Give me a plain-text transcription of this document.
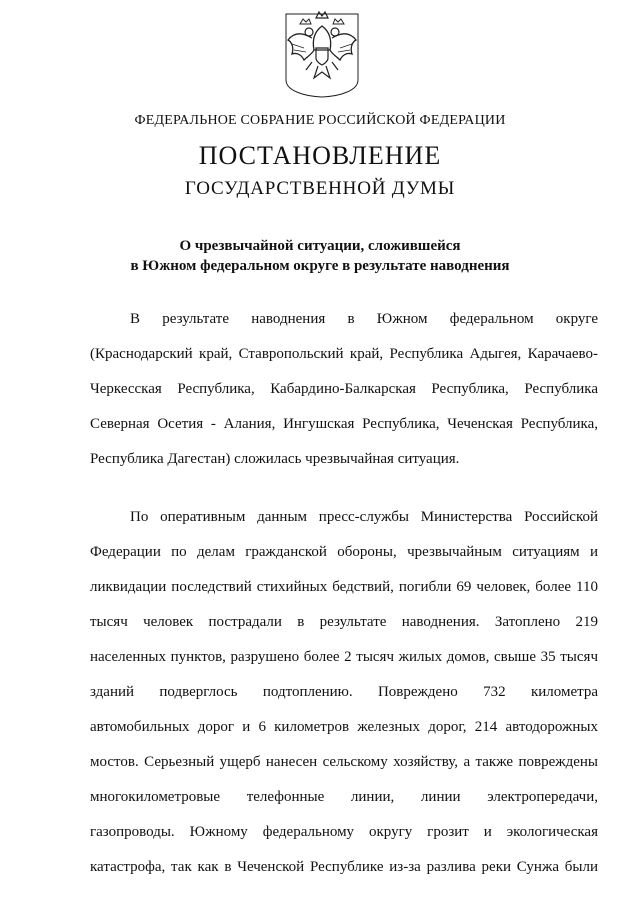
ФЕДЕРАЛЬНОЕ СОБРАНИЕ РОССИЙСКОЙ ФЕДЕРАЦИИ
ПОСТАНОВЛЕНИЕ
ГОСУДАРСТВЕННОЙ ДУМЫ
О чрезвычайной ситуации, сложившейся
в Южном федеральном округе в результате наводнения
В результате наводнения в Южном федеральном округе
(Краснодарский край, Ставропольский край, Республика Адыгея, Карачаево-
Черкесская Республика, Кабардино-Балкарская Республика, Республика
Северная Осетия - Алания, Ингушская Республика, Чеченская Республика,
Республика Дагестан) сложилась чрезвычайная ситуация.
По оперативным данным пресс-службы Министерства Российской
Федерации по делам гражданской обороны, чрезвычайным ситуациям и
ликвидации последствий стихийных бедствий, погибли 69 человек, более 110
тысяч человек пострадали в результате наводнения. Затоплено 219
населенных пунктов, разрушено более 2 тысяч жилых домов, свыше 35 тысяч
зданий подверглось подтоплению. Повреждено 732 километра
автомобильных дорог и 6 километров железных дорог, 214 автодорожных
мостов. Серьезный ущерб нанесен сельскому хозяйству, а также повреждены
многокилометровые телефонные линии, линии электропередачи,
газопроводы. Южному федеральному округу грозит и экологическая
катастрофа, так как в Чеченской Республике из-за разлива реки Сунжа были
